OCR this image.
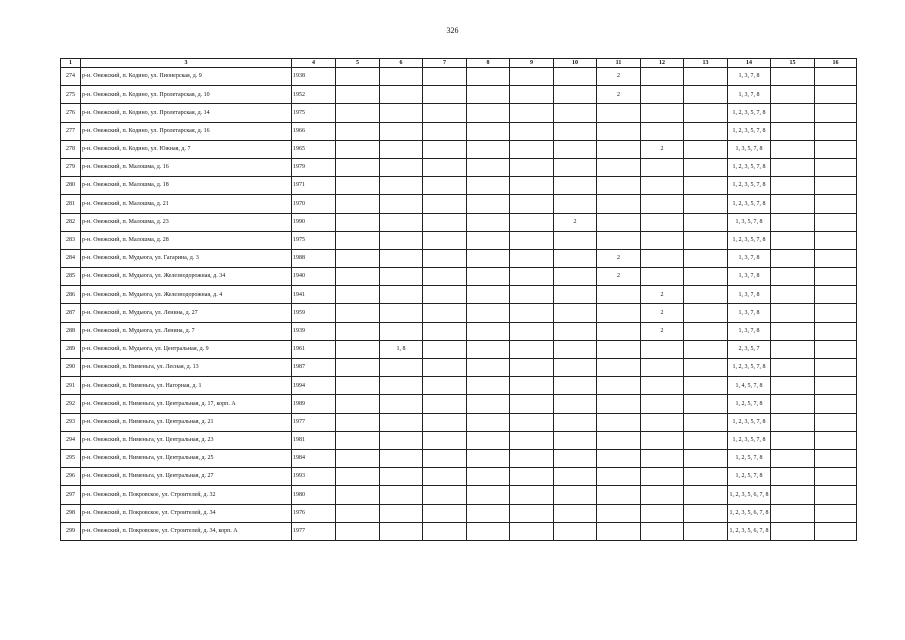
326
1	3	4	5	6	7	8	9	10	11	12	13	14	15	16
274	р-н. Онежский, п. Кодино, ул. Пионерская, д. 9	1938							2			1, 3, 7, 8		
275	р-н. Онежский, п. Кодино, ул. Пролетарская, д. 10	1952							2			1, 3, 7, 8		
276	р-н. Онежский, п. Кодино, ул. Пролетарская, д. 14	1975										1, 2, 3, 5, 7, 8		
277	р-н. Онежский, п. Кодино, ул. Пролетарская, д. 16	1966										1, 2, 3, 5, 7, 8		
278	р-н. Онежский, п. Кодино, ул. Южная, д. 7	1965								2		1, 3, 5, 7, 8		
279	р-н. Онежский, п. Малошма, д. 16	1979										1, 2, 3, 5, 7, 8		
280	р-н. Онежский, п. Малошма, д. 18	1971										1, 2, 3, 5, 7, 8		
281	р-н. Онежский, п. Малошма, д. 21	1970										1, 2, 3, 5, 7, 8		
282	р-н. Онежский, п. Малошма, д. 23	1990						2				1, 3, 5, 7, 8		
283	р-н. Онежский, п. Малошма, д. 28	1975										1, 2, 3, 5, 7, 8		
284	р-н. Онежский, п. Мудьюга, ул. Гагарина, д. 3	1988							2			1, 3, 7, 8		
285	р-н. Онежский, п. Мудьюга, ул. Железнодорожная, д. 34	1940							2			1, 3, 7, 8		
286	р-н. Онежский, п. Мудьюга, ул. Железнодорожная, д. 4	1941								2		1, 3, 7, 8		
287	р-н. Онежский, п. Мудьюга, ул. Ленина, д. 27	1959								2		1, 3, 7, 8		
288	р-н. Онежский, п. Мудьюга, ул. Ленина, д. 7	1939								2		1, 3, 7, 8		
289	р-н. Онежский, п. Мудьюга, ул. Центральная, д. 9	1961		1, 8								2, 3, 5, 7		
290	р-н. Онежский, п. Нименьга, ул. Лесная, д. 13	1987										1, 2, 3, 5, 7, 8		
291	р-н. Онежский, п. Нименьга, ул. Нагорная, д. 1	1994										1, 4, 5, 7, 8		
292	р-н. Онежский, п. Нименьга, ул. Центральная, д. 17, корп. А	1989										1, 2, 5, 7, 8		
293	р-н. Онежский, п. Нименьга, ул. Центральная, д. 21	1977										1, 2, 3, 5, 7, 8		
294	р-н. Онежский, п. Нименьга, ул. Центральная, д. 23	1981										1, 2, 3, 5, 7, 8		
295	р-н. Онежский, п. Нименьга, ул. Центральная, д. 25	1984										1, 2, 5, 7, 8		
296	р-н. Онежский, п. Нименьга, ул. Центральная, д. 27	1993										1, 2, 5, 7, 8		
297	р-н. Онежский, п. Покровское, ул. Строителей, д. 32	1980										1, 2, 3, 5, 6, 7, 8		
298	р-н. Онежский, п. Покровское, ул. Строителей, д. 34	1976										1, 2, 3, 5, 6, 7, 8		
299	р-н. Онежский, п. Покровское, ул. Строителей, д. 34, корп. А	1977										1, 2, 3, 5, 6, 7, 8		
